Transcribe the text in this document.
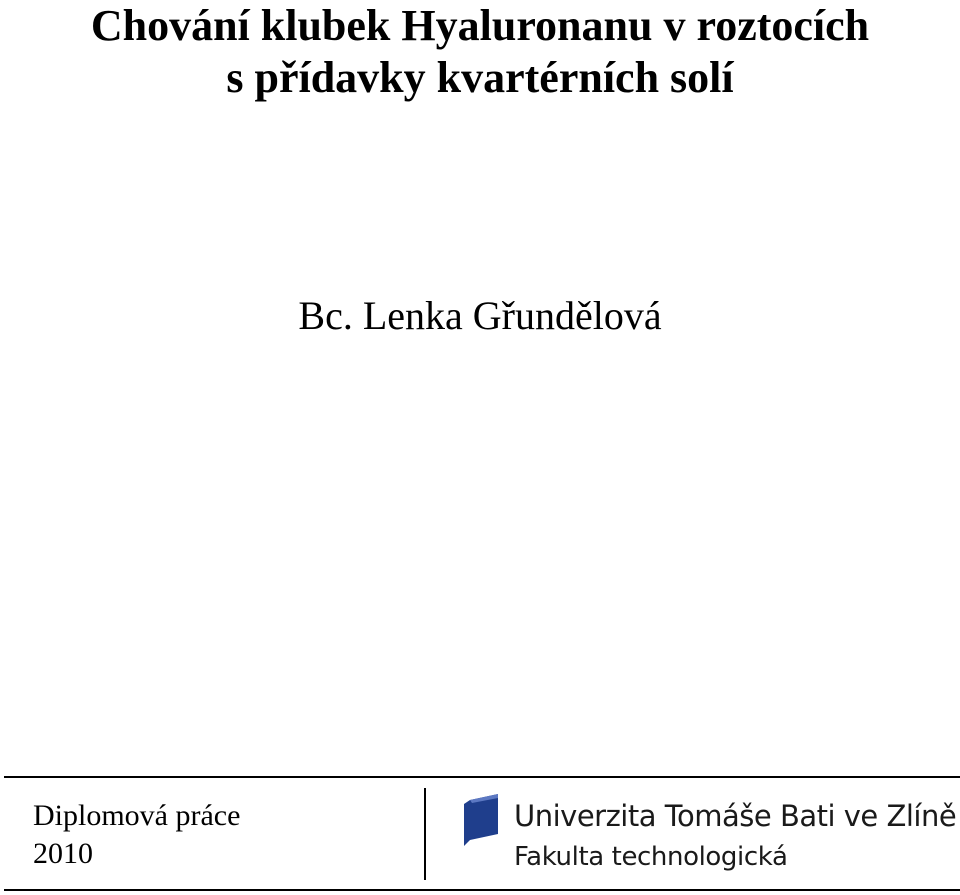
Chování klubek Hyaluronanu v roztocích
s přídavky kvartérních solí
Bc. Lenka Gřundělová
Diplomová práce
2010
Univerzita Tomáše Bati ve Zlíně
Fakulta technologická
